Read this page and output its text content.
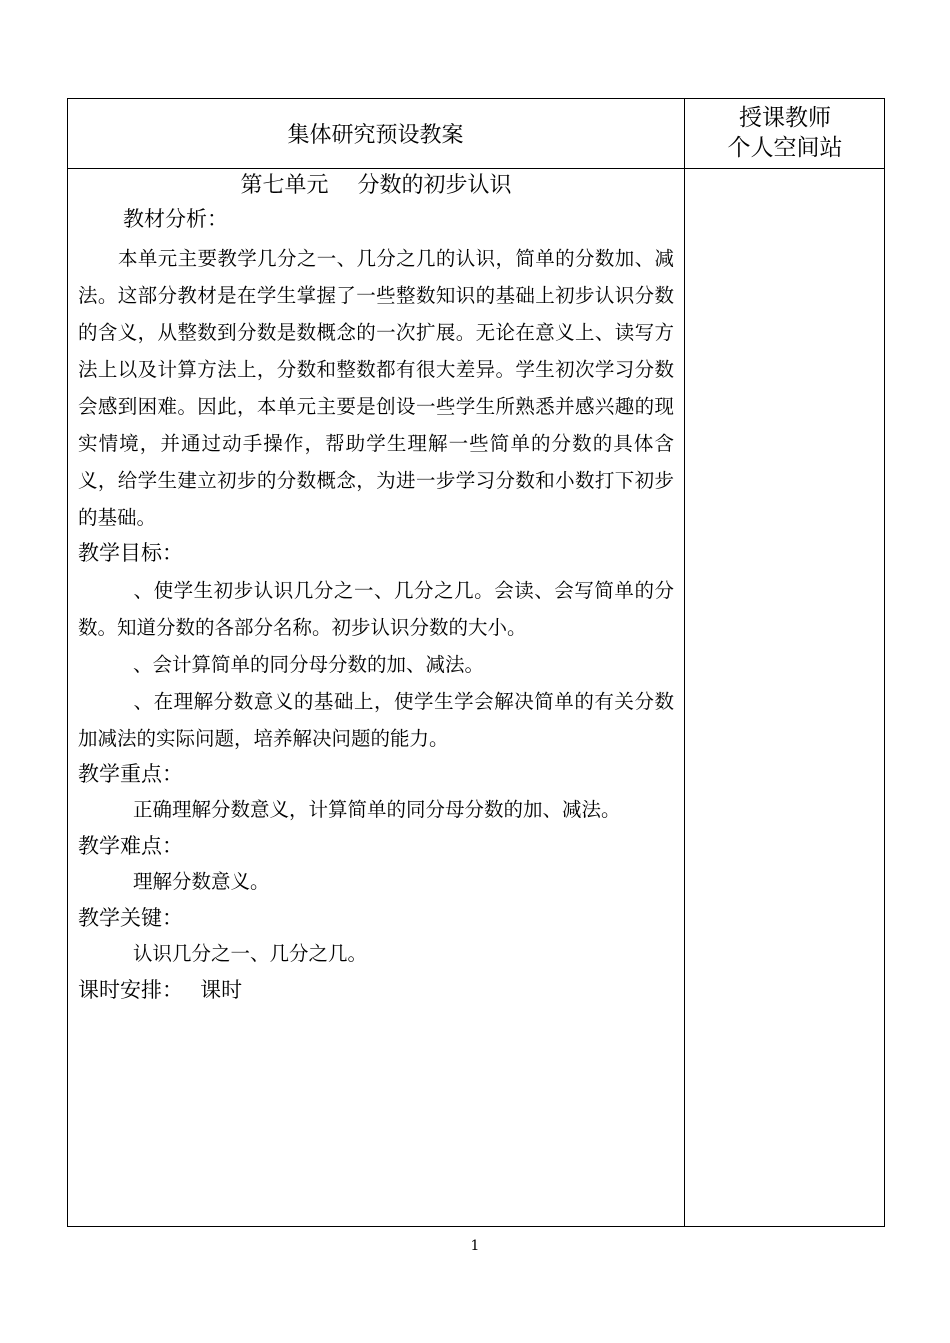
集体研究预设教案
授课教师
个人空间站
第七单元　 分数的初步认识
教材分析：

本单元主要教学几分之一、几分之几的认识，简单的分数加、减法。这部分教材是在学生掌握了一些整数知识的基础上初步认识分数的含义，从整数到分数是数概念的一次扩展。无论在意义上、读写方法上以及计算方法上，分数和整数都有很大差异。学生初次学习分数会感到困难。因此，本单元主要是创设一些学生所熟悉并感兴趣的现实情境，并通过动手操作，帮助学生理解一些简单的分数的具体含义，给学生建立初步的分数概念，为进一步学习分数和小数打下初步的基础。

教学目标：

、使学生初步认识几分之一、几分之几。会读、会写简单的分数。知道分数的各部分名称。初步认识分数的大小。

、会计算简单的同分母分数的加、减法。

、在理解分数意义的基础上，使学生学会解决简单的有关分数加减法的实际问题，培养解决问题的能力。

教学重点：
正确理解分数意义，计算简单的同分母分数的加、减法。
教学难点：
理解分数意义。
教学关键：
认识几分之一、几分之几。
课时安排：　 课时
1
